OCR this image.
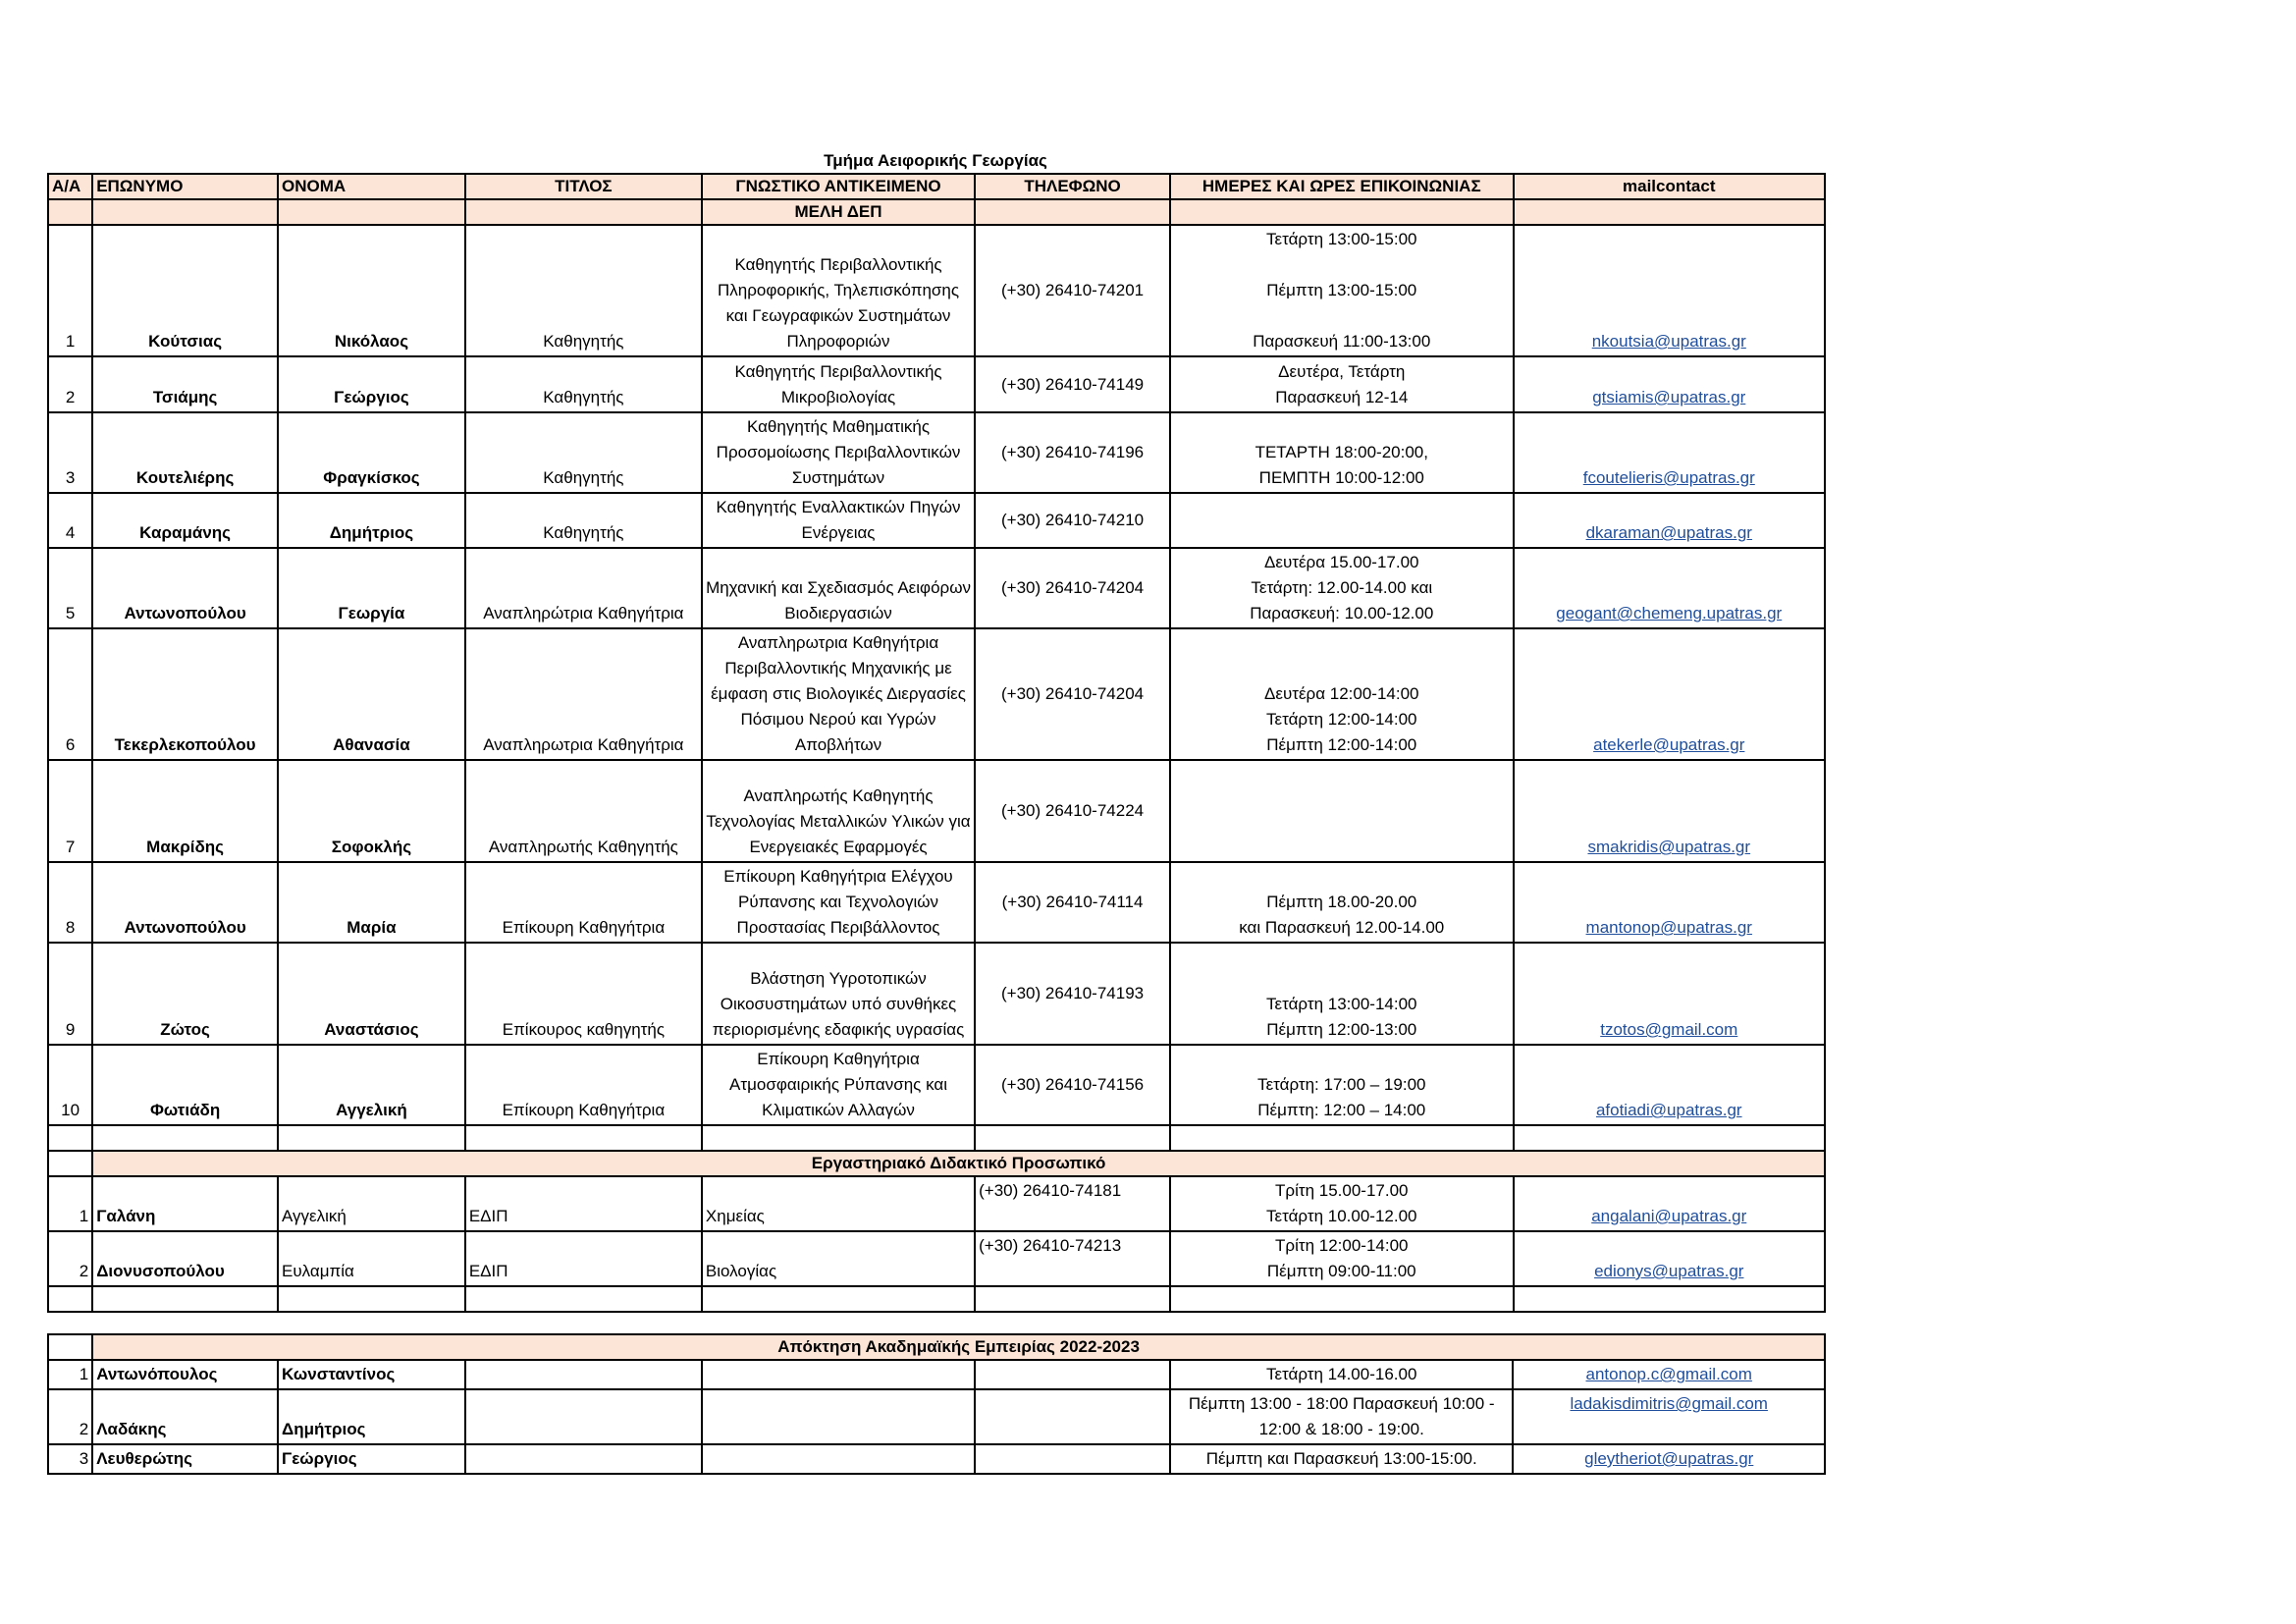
Τμήμα Αειφορικής Γεωργίας
Α/Α	ΕΠΩΝΥΜΟ	ΟΝΟΜΑ	ΤΙΤΛΟΣ	ΓΝΩΣΤΙΚΟ ΑΝΤΙΚΕΙΜΕΝΟ	ΤΗΛΕΦΩΝΟ	ΗΜΕΡΕΣ ΚΑΙ ΩΡΕΣ ΕΠΙΚΟΙΝΩΝΙΑΣ	mailcontact
				ΜΕΛΗ ΔΕΠ			
1	Κούτσιας	Νικόλαος	Καθηγητής	Καθηγητής Περιβαλλοντικής Πληροφορικής, Τηλεπισκόπησης και Γεωγραφικών Συστημάτων Πληροφοριών	(+30) 26410-74201	Τετάρτη 13:00-15:00

Πέμπτη 13:00-15:00

Παρασκευή 11:00-13:00	nkoutsia@upatras.gr
2	Τσιάμης	Γεώργιος	Καθηγητής	Καθηγητής Περιβαλλοντικής Μικροβιολογίας	(+30) 26410-74149	Δευτέρα, Τετάρτη
Παρασκευή 12-14	gtsiamis@upatras.gr
3	Κουτελιέρης	Φραγκίσκος	Καθηγητής	Καθηγητής Μαθηματικής Προσομοίωσης Περιβαλλοντικών Συστημάτων	(+30) 26410-74196	ΤΕΤΑΡΤΗ 18:00-20:00,
ΠΕΜΠΤΗ 10:00-12:00	fcoutelieris@upatras.gr
4	Καραμάνης	Δημήτριος	Καθηγητής	Καθηγητής Εναλλακτικών Πηγών Ενέργειας	(+30) 26410-74210		dkaraman@upatras.gr
5	Αντωνοπούλου	Γεωργία	Αναπληρώτρια Καθηγήτρια	Μηχανική και Σχεδιασμός Αειφόρων Βιοδιεργασιών	(+30) 26410-74204	Δευτέρα 15.00-17.00
Τετάρτη: 12.00-14.00 και
Παρασκευή: 10.00-12.00	geogant@chemeng.upatras.gr
6	Τεκερλεκοπούλου	Αθανασία	Αναπληρωτρια Καθηγήτρια	Αναπληρωτρια Καθηγήτρια Περιβαλλοντικής Μηχανικής με έμφαση στις Βιολογικές Διεργασίες Πόσιμου Νερού και Υγρών Αποβλήτων	(+30) 26410-74204	Δευτέρα 12:00-14:00
Τετάρτη 12:00-14:00
Πέμπτη 12:00-14:00	atekerle@upatras.gr
7	Μακρίδης	Σοφοκλής	Αναπληρωτής Καθηγητής	Αναπληρωτής Καθηγητής Τεχνολογίας Μεταλλικών Υλικών για Ενεργειακές Εφαρμογές	(+30) 26410-74224		smakridis@upatras.gr
8	Αντωνοπούλου	Μαρία	Επίκουρη Καθηγήτρια	Επίκουρη Καθηγήτρια Ελέγχου Ρύπανσης και Τεχνολογιών Προστασίας Περιβάλλοντος	(+30) 26410-74114	Πέμπτη 18.00-20.00
και Παρασκευή 12.00-14.00	mantonop@upatras.gr
9	Ζώτος	Αναστάσιος	Επίκουρος καθηγητής	Βλάστηση Υγροτοπικών Οικοσυστημάτων υπό συνθήκες περιορισμένης εδαφικής υγρασίας	(+30) 26410-74193	Τετάρτη 13:00-14:00
Πέμπτη 12:00-13:00	tzotos@gmail.com
10	Φωτιάδη	Αγγελική	Επίκουρη Καθηγήτρια	Επίκουρη Καθηγήτρια Ατμοσφαιρικής Ρύπανσης και Κλιματικών Αλλαγών	(+30) 26410-74156	Τετάρτη: 17:00 – 19:00
Πέμπτη: 12:00 – 14:00	afotiadi@upatras.gr

	Εργαστηριακό Διδακτικό Προσωπικό						
1	Γαλάνη	Αγγελική	ΕΔΙΠ	Χημείας	(+30) 26410-74181	Τρίτη 15.00-17.00
Τετάρτη 10.00-12.00	angalani@upatras.gr
2	Διονυσοπούλου	Ευλαμπία	ΕΔΙΠ	Βιολογίας	(+30) 26410-74213	Τρίτη 12:00-14:00
Πέμπτη 09:00-11:00	edionys@upatras.gr

	Απόκτηση Ακαδημαϊκής Εμπειρίας 2022-2023						
1	Αντωνόπουλος	Κωνσταντίνος				Τετάρτη 14.00-16.00	antonop.c@gmail.com
2	Λαδάκης	Δημήτριος				Πέμπτη 13:00 - 18:00 Παρασκευή 10:00 - 12:00 & 18:00 - 19:00.	ladakisdimitris@gmail.com
3	Λευθερώτης	Γεώργιος				Πέμπτη και Παρασκευή 13:00-15:00.	gleytheriot@upatras.gr
